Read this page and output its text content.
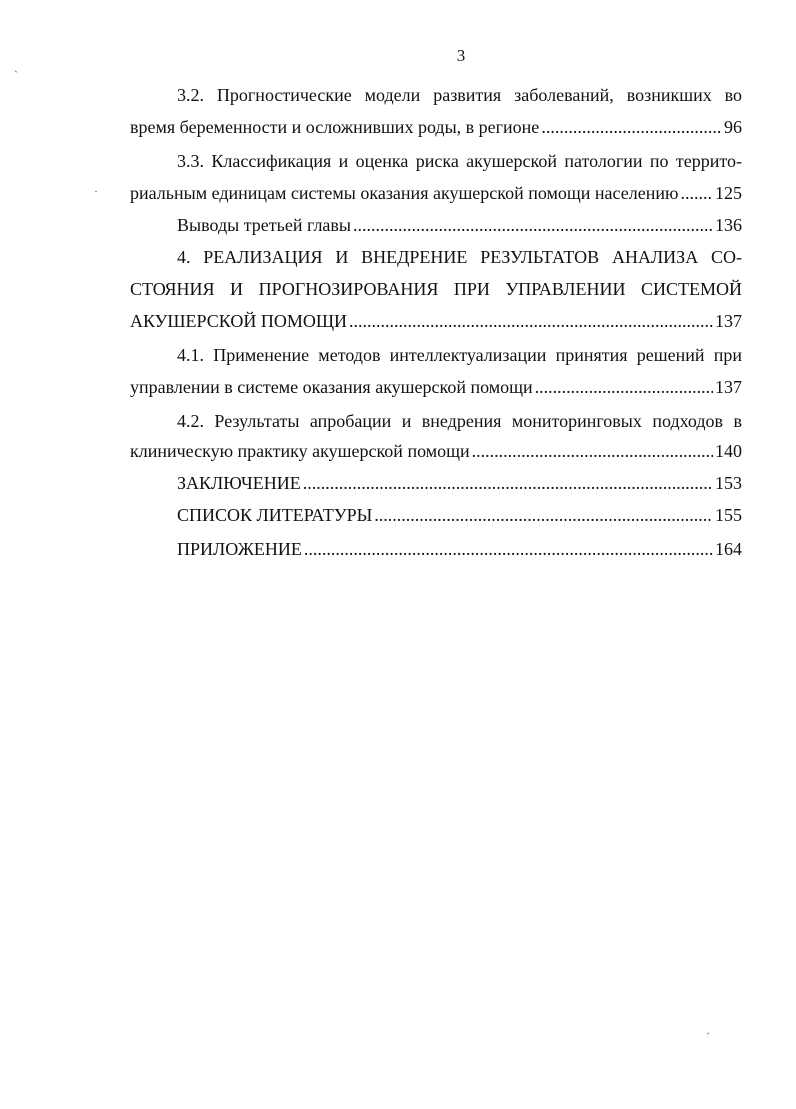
3
3.2. Прогностические модели развития заболеваний, возникших во
время беременности и осложнивших роды, в регионе .....	96
3.3. Классификация и оценка риска акушерской патологии по террито-
риальным единицам системы оказания акушерской помощи населению ..... 125
Выводы третьей главы .....	136
4. РЕАЛИЗАЦИЯ И ВНЕДРЕНИЕ РЕЗУЛЬТАТОВ АНАЛИЗА СО-
СТОЯНИЯ И ПРОГНОЗИРОВАНИЯ ПРИ УПРАВЛЕНИИ СИСТЕМОЙ
АКУШЕРСКОЙ ПОМОЩИ .....	137
4.1. Применение методов интеллектуализации принятия решений при
управлении в системе оказания акушерской помощи .....	137
4.2. Результаты апробации и внедрения мониторинговых подходов в
клиническую практику акушерской помощи .....	140
ЗАКЛЮЧЕНИЕ .....	153
СПИСОК ЛИТЕРАТУРЫ .....	155
ПРИЛОЖЕНИЕ .....	164
ˋ
·
ˊ
